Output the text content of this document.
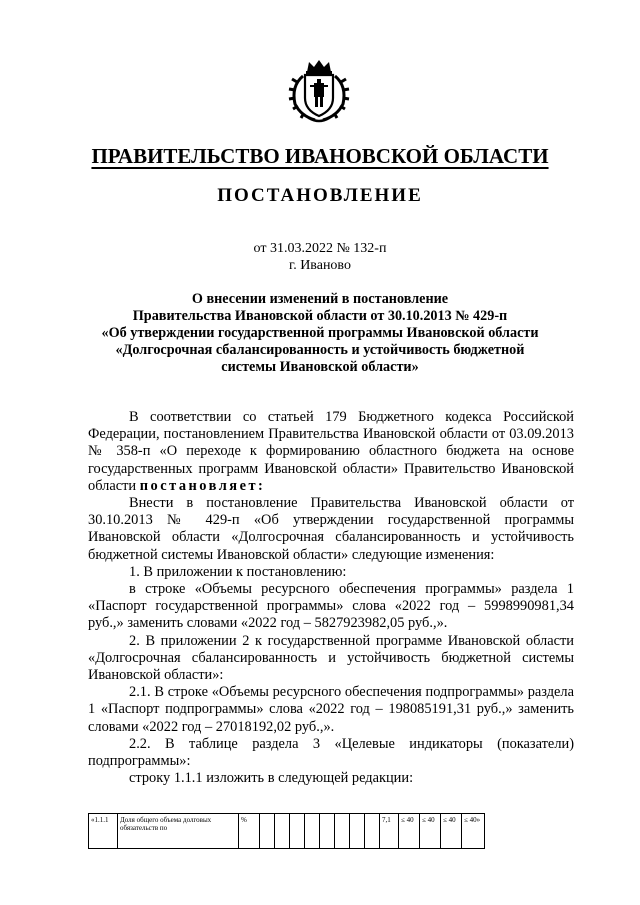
ПРАВИТЕЛЬСТВО ИВАНОВСКОЙ ОБЛАСТИ
ПОСТАНОВЛЕНИЕ
от 31.03.2022 № 132-п
г. Иваново
О внесении изменений в постановление
Правительства Ивановской области от 30.10.2013 № 429-п
«Об утверждении государственной программы Ивановской области
«Долгосрочная сбалансированность и устойчивость бюджетной
системы Ивановской области»

В соответствии со статьей 179 Бюджетного кодекса Российской Федерации, постановлением Правительства Ивановской области от 03.09.2013 № 358-п «О переходе к формированию областного бюджета на основе государственных программ Ивановской области» Правительство Ивановской области постановляет:

Внести в постановление Правительства Ивановской области от 30.10.2013 № 429-п «Об утверждении государственной программы Ивановской области «Долгосрочная сбалансированность и устойчивость бюджетной системы Ивановской области» следующие изменения:

1. В приложении к постановлению:

в строке «Объемы ресурсного обеспечения программы» раздела 1 «Паспорт государственной программы» слова «2022 год – 5998990981,34 руб.,» заменить словами «2022 год – 5827923982,05 руб.,».

2. В приложении 2 к государственной программе Ивановской области «Долгосрочная сбалансированность и устойчивость бюджетной системы Ивановской области»:

2.1. В строке «Объемы ресурсного обеспечения подпрограммы» раздела 1 «Паспорт подпрограммы» слова «2022 год – 198085191,31 руб.,» заменить словами «2022 год – 27018192,02 руб.,».

2.2. В таблице раздела 3 «Целевые индикаторы (показатели) подпрограммы»:

строку 1.1.1 изложить в следующей редакции:

«1.1.1	Доля общего объема долговых обязательств по	%									7,1	≤ 40	≤ 40	≤ 40	≤ 40»
